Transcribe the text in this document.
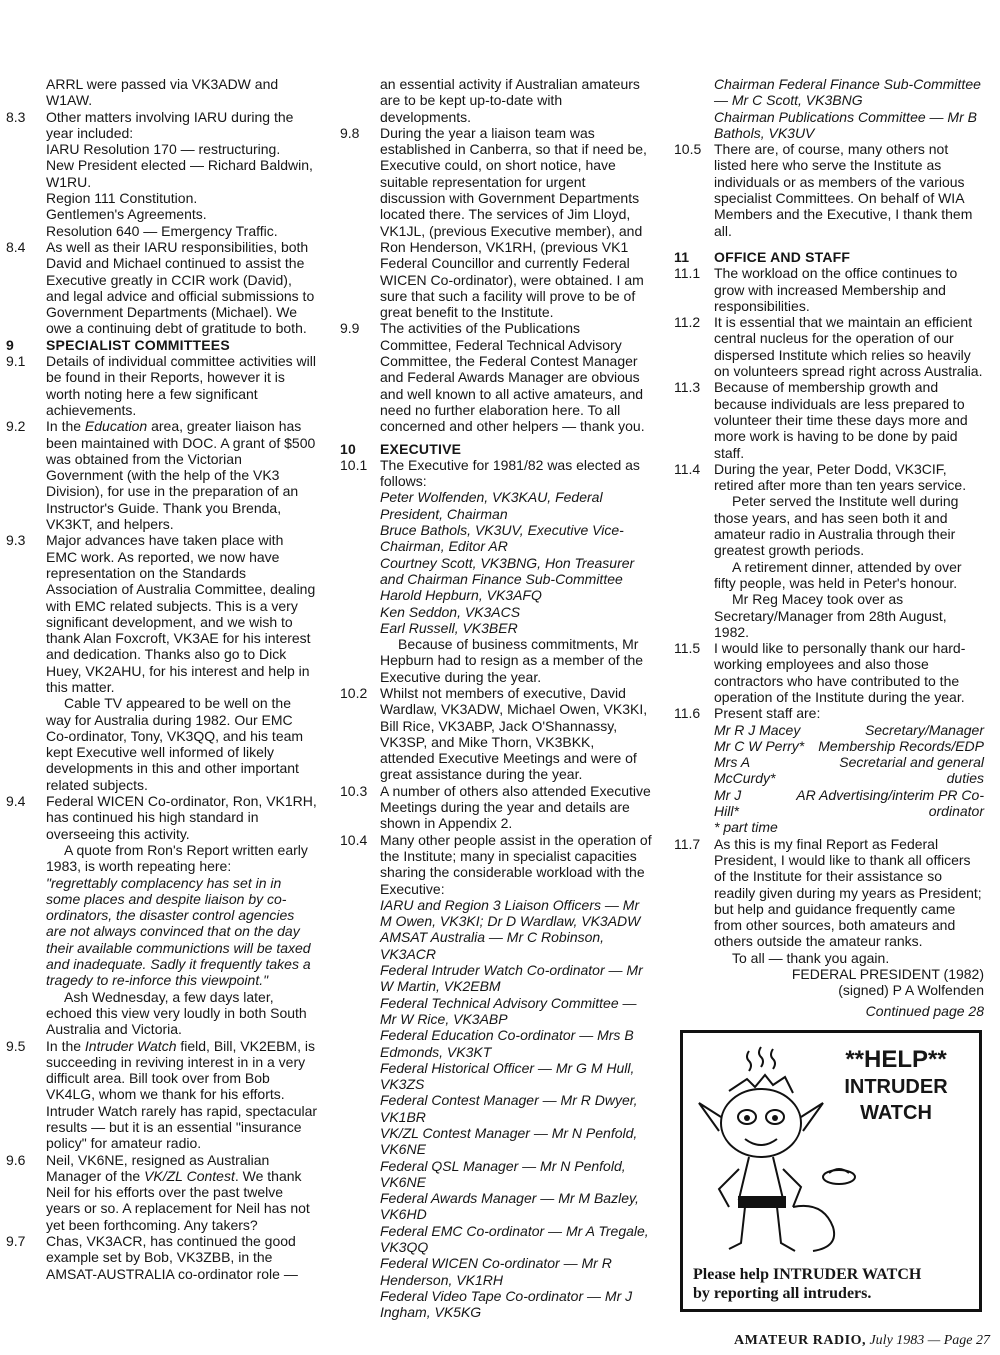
ARRL were passed via VK3ADW and
W1AW.
8.3 Other matters involving IARU during the year included:
IARU Resolution 170 — restructuring.
New President elected — Richard Baldwin, W1RU.
Region 111 Constitution.
Gentlemen's Agreements.
Resolution 640 — Emergency Traffic.
8.4 As well as their IARU responsibilities, both David and Michael continued to assist the Executive greatly in CCIR work (David), and legal advice and official submissions to Government Departments (Michael). We owe a continuing debt of gratitude to both.
9 SPECIALIST COMMITTEES
9.1 Details of individual committee activities will be found in their Reports, however it is worth noting here a few significant achievements.
9.2 In the Education area, greater liaison has been maintained with DOC. A grant of $500 was obtained from the Victorian Government (with the help of the VK3 Division), for use in the preparation of an Instructor's Guide. Thank you Brenda, VK3KT, and helpers.
9.3 Major advances have taken place with EMC work. As reported, we now have representation on the Standards Association of Australia Committee, dealing with EMC related subjects. This is a very significant development, and we wish to thank Alan Foxcroft, VK3AE for his interest and dedication. Thanks also go to Dick Huey, VK2AHU, for his interest and help in this matter.
Cable TV appeared to be well on the way for Australia during 1982. Our EMC Co-ordinator, Tony, VK3QQ, and his team kept Executive well informed of likely developments in this and other important related subjects.
9.4 Federal WICEN Co-ordinator, Ron, VK1RH, has continued his high standard in overseeing this activity.
A quote from Ron's Report written early 1983, is worth repeating here:
"regrettably complacency has set in in some places and despite liaison by co-ordinators, the disaster control agencies are not always convinced that on the day their available communictions will be taxed and inadequate. Sadly it frequently takes a tragedy to re-inforce this viewpoint."
Ash Wednesday, a few days later, echoed this view very loudly in both South Australia and Victoria.
9.5 In the Intruder Watch field, Bill, VK2EBM, is succeeding in reviving interest in in a very difficult area. Bill took over from Bob VK4LG, whom we thank for his efforts. Intruder Watch rarely has rapid, spectacular results — but it is an essential "insurance policy" for amateur radio.
9.6 Neil, VK6NE, resigned as Australian Manager of the VK/ZL Contest. We thank Neil for his efforts over the past twelve years or so. A replacement for Neil has not yet been forthcoming. Any takers?
9.7 Chas, VK3ACR, has continued the good example set by Bob, VK3ZBB, in the AMSAT-AUSTRALIA co-ordinator role —
an essential activity if Australian amateurs are to be kept up-to-date with developments.
9.8 During the year a liaison team was established in Canberra, so that if need be, Executive could, on short notice, have suitable representation for urgent discussion with Government Departments located there. The services of Jim Lloyd, VK1JL, (previous Executive member), and Ron Henderson, VK1RH, (previous VK1 Federal Councillor and currently Federal WICEN Co-ordinator), were obtained. I am sure that such a facility will prove to be of great benefit to the Institute.
9.9 The activities of the Publications Committee, Federal Technical Advisory Committee, the Federal Contest Manager and Federal Awards Manager are obvious and well known to all active amateurs, and need no further elaboration here. To all concerned and other helpers — thank you.
10 EXECUTIVE
10.1 The Executive for 1981/82 was elected as follows:
Peter Wolfenden, VK3KAU, Federal President, Chairman
Bruce Bathols, VK3UV, Executive Vice-Chairman, Editor AR
Courtney Scott, VK3BNG, Hon Treasurer and Chairman Finance Sub-Committee
Harold Hepburn, VK3AFQ
Ken Seddon, VK3ACS
Earl Russell, VK3BER
Because of business commitments, Mr Hepburn had to resign as a member of the Executive during the year.
10.2 Whilst not members of executive, David Wardlaw, VK3ADW, Michael Owen, VK3KI, Bill Rice, VK3ABP, Jack O'Shannassy, VK3SP, and Mike Thorn, VK3BKK, attended Executive Meetings and were of great assistance during the year.
10.3 A number of others also attended Executive Meetings during the year and details are shown in Appendix 2.
10.4 Many other people assist in the operation of the Institute; many in specialist capacities sharing the considerable workload with the Executive:
IARU and Region 3 Liaison Officers — Mr M Owen, VK3KI; Dr D Wardlaw, VK3ADW
AMSAT Australia — Mr C Robinson, VK3ACR
Federal Intruder Watch Co-ordinator — Mr W Martin, VK2EBM
Federal Technical Advisory Committee — Mr W Rice, VK3ABP
Federal Education Co-ordinator — Mrs B Edmonds, VK3KT
Federal Historical Officer — Mr G M Hull, VK3ZS
Federal Contest Manager — Mr R Dwyer, VK1BR
VK/ZL Contest Manager — Mr N Penfold, VK6NE
Federal QSL Manager — Mr N Penfold, VK6NE
Federal Awards Manager — Mr M Bazley, VK6HD
Federal EMC Co-ordinator — Mr A Tregale, VK3QQ
Federal WICEN Co-ordinator — Mr R Henderson, VK1RH
Federal Video Tape Co-ordinator — Mr J Ingham, VK5KG
Chairman Federal Finance Sub-Committee — Mr C Scott, VK3BNG
Chairman Publications Committee — Mr B Bathols, VK3UV
10.5 There are, of course, many others not listed here who serve the Institute as individuals or as members of the various specialist Committees. On behalf of WIA Members and the Executive, I thank them all.
11 OFFICE AND STAFF
11.1 The workload on the office continues to grow with increased Membership and responsibilities.
11.2 It is essential that we maintain an efficient central nucleus for the operation of our dispersed Institute which relies so heavily on volunteers spread right across Australia.
11.3 Because of membership growth and because individuals are less prepared to volunteer their time these days more and more work is having to be done by paid staff.
11.4 During the year, Peter Dodd, VK3CIF, retired after more than ten years service.
Peter served the Institute well during those years, and has seen both it and amateur radio in Australia through their greatest growth periods.
A retirement dinner, attended by over fifty people, was held in Peter's honour.
Mr Reg Macey took over as Secretary/Manager from 28th August, 1982.
11.5 I would like to personally thank our hard-working employees and also those contractors who have contributed to the operation of the Institute during the year.
11.6 Present staff are:
Mr R J Macey	Secretary/Manager
Mr C W Perry* Membership Records/EDP
Mrs A McCurdy*
Secretarial and general duties
Mr J Hill*
AR Advertising/interim PR Co-ordinator
* part time
11.7 As this is my final Report as Federal President, I would like to thank all officers of the Institute for their assistance so readily given during my years as President; but help and guidance frequently came from other sources, both amateurs and others outside the amateur ranks.
To all — thank you again.
FEDERAL PRESIDENT (1982)
(signed) P A Wolfenden
Continued page 28
**HELP**
INTRUDER
WATCH
Please help INTRUDER WATCH
by reporting all intruders.
AMATEUR RADIO, July 1983 — Page 27
